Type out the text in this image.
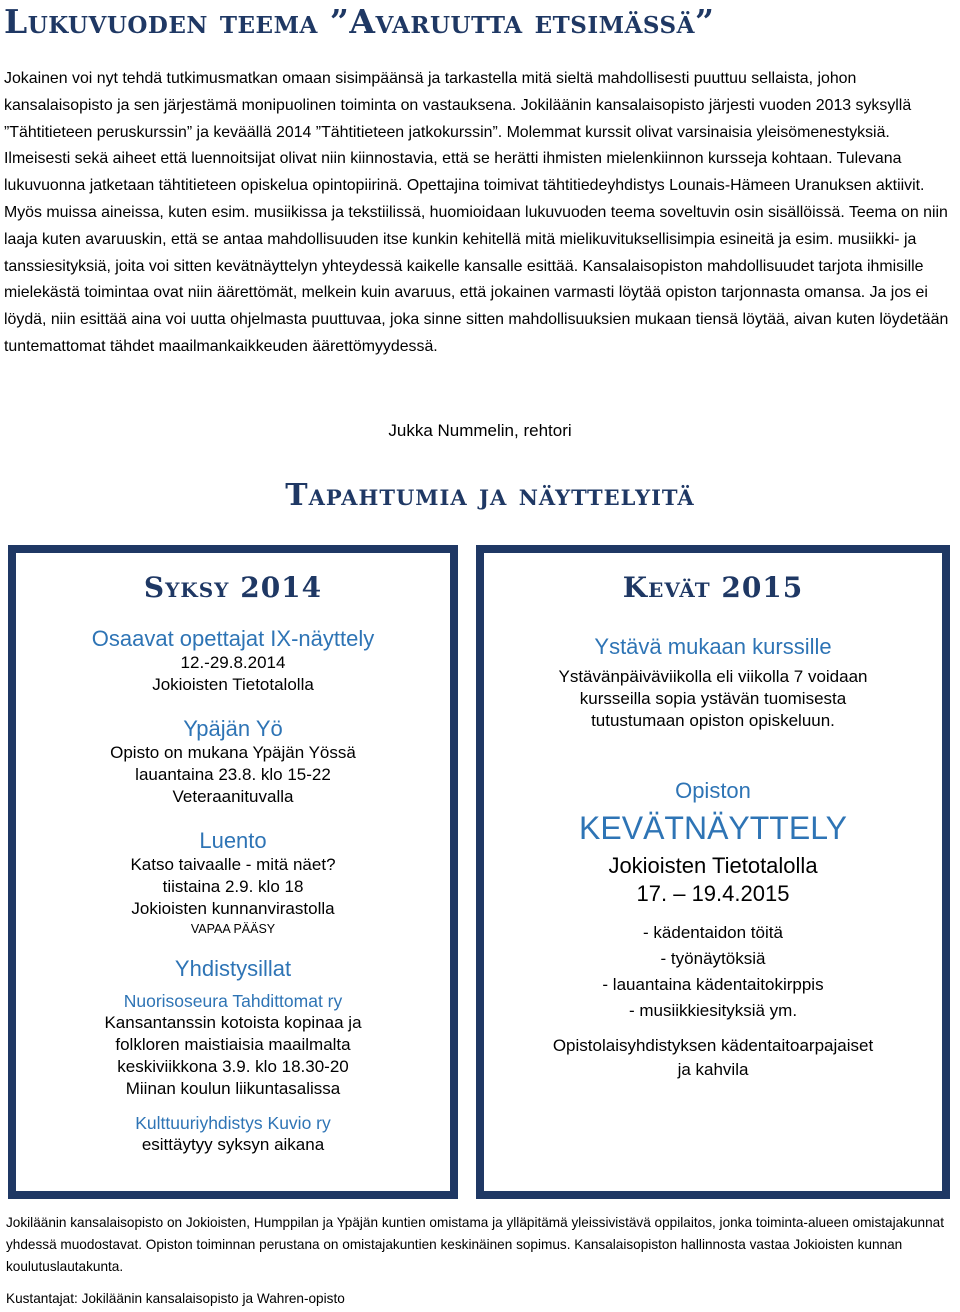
Lukuvuoden teema ”Avaruutta etsimässä”

Jokainen voi nyt tehdä tutkimusmatkan omaan sisimpäänsä ja tarkastella mitä sieltä mahdollisesti puuttuu sellaista, johon kansalaisopisto ja sen järjestämä monipuolinen toiminta on vastauksena. Jokiläänin kansalaisopisto järjesti vuoden 2013 syksyllä ”Tähtitieteen peruskurssin” ja keväällä 2014 ”Tähtitieteen jatkokurssin”. Molemmat kurssit olivat varsinaisia yleisömenestyksiä. Ilmeisesti sekä aiheet että luennoitsijat olivat niin kiinnostavia, että se herätti ihmisten mielenkiinnon kursseja kohtaan. Tulevana lukuvuonna jatketaan tähtitieteen opiskelua opintopiirinä. Opettajina toimivat tähtitiedeyhdistys Lounais-Hämeen Uranuksen aktiivit. Myös muissa aineissa, kuten esim. musiikissa ja tekstiilissä, huomioidaan lukuvuoden teema soveltuvin osin sisällöissä. Teema on niin laaja kuten avaruuskin, että se antaa mahdollisuuden itse kunkin kehitellä mitä mielikuvituksellisimpia esineitä ja esim. musiikki- ja tanssiesityksiä, joita voi sitten kevätnäyttelyn yhteydessä kaikelle kansalle esittää. Kansalaisopiston mahdollisuudet tarjota ihmisille mielekästä toimintaa ovat niin äärettömät, melkein kuin avaruus, että jokainen varmasti löytää opiston tarjonnasta omansa. Ja jos ei löydä, niin esittää aina voi uutta ohjelmasta puuttuvaa, joka sinne sitten mahdollisuuksien mukaan tiensä löytää, aivan kuten löydetään tuntemattomat tähdet maailmankaikkeuden äärettömyydessä.

Jukka Nummelin, rehtori
Tapahtumia ja näyttelyitä
Syksy 2014
Osaavat opettajat IX-näyttely
12.-29.8.2014
Jokioisten Tietotalolla
Ypäjän Yö
Opisto on mukana Ypäjän Yössä
lauantaina 23.8. klo 15-22
Veteraanituvalla
Luento
Katso taivaalle - mitä näet?
tiistaina 2.9. klo 18
Jokioisten kunnanvirastolla
VAPAA PÄÄSY
Yhdistysillat
Nuorisoseura Tahdittomat ry
Kansantanssin kotoista kopinaa ja
folkloren maistiaisia maailmalta
keskiviikkona 3.9. klo 18.30-20
Miinan koulun liikuntasalissa
Kulttuuriyhdistys Kuvio ry
esittäytyy syksyn aikana
Kevät 2015
Ystävä mukaan kurssille
Ystävänpäiväviikolla eli viikolla 7 voidaan
kursseilla sopia ystävän tuomisesta
tutustumaan opiston opiskeluun.
Opiston
KEVÄTNÄYTTELY
Jokioisten Tietotalolla
17. – 19.4.2015
- kädentaidon töitä
- työnäytöksiä
- lauantaina kädentaitokirppis
- musiikkiesityksiä ym.
Opistolaisyhdistyksen kädentaitoarpajaiset
ja kahvila
Jokiläänin kansalaisopisto on Jokioisten, Humppilan ja Ypäjän kuntien omistama ja ylläpitämä yleissivistävä oppilaitos, jonka toiminta-alueen omistajakunnat yhdessä muodostavat. Opiston toiminnan perustana on omistajakuntien keskinäinen sopimus. Kansalaisopiston hallinnosta vastaa Jokioisten kunnan koulutuslautakunta.
Kustantajat: Jokiläänin kansalaisopisto ja Wahren-opisto
